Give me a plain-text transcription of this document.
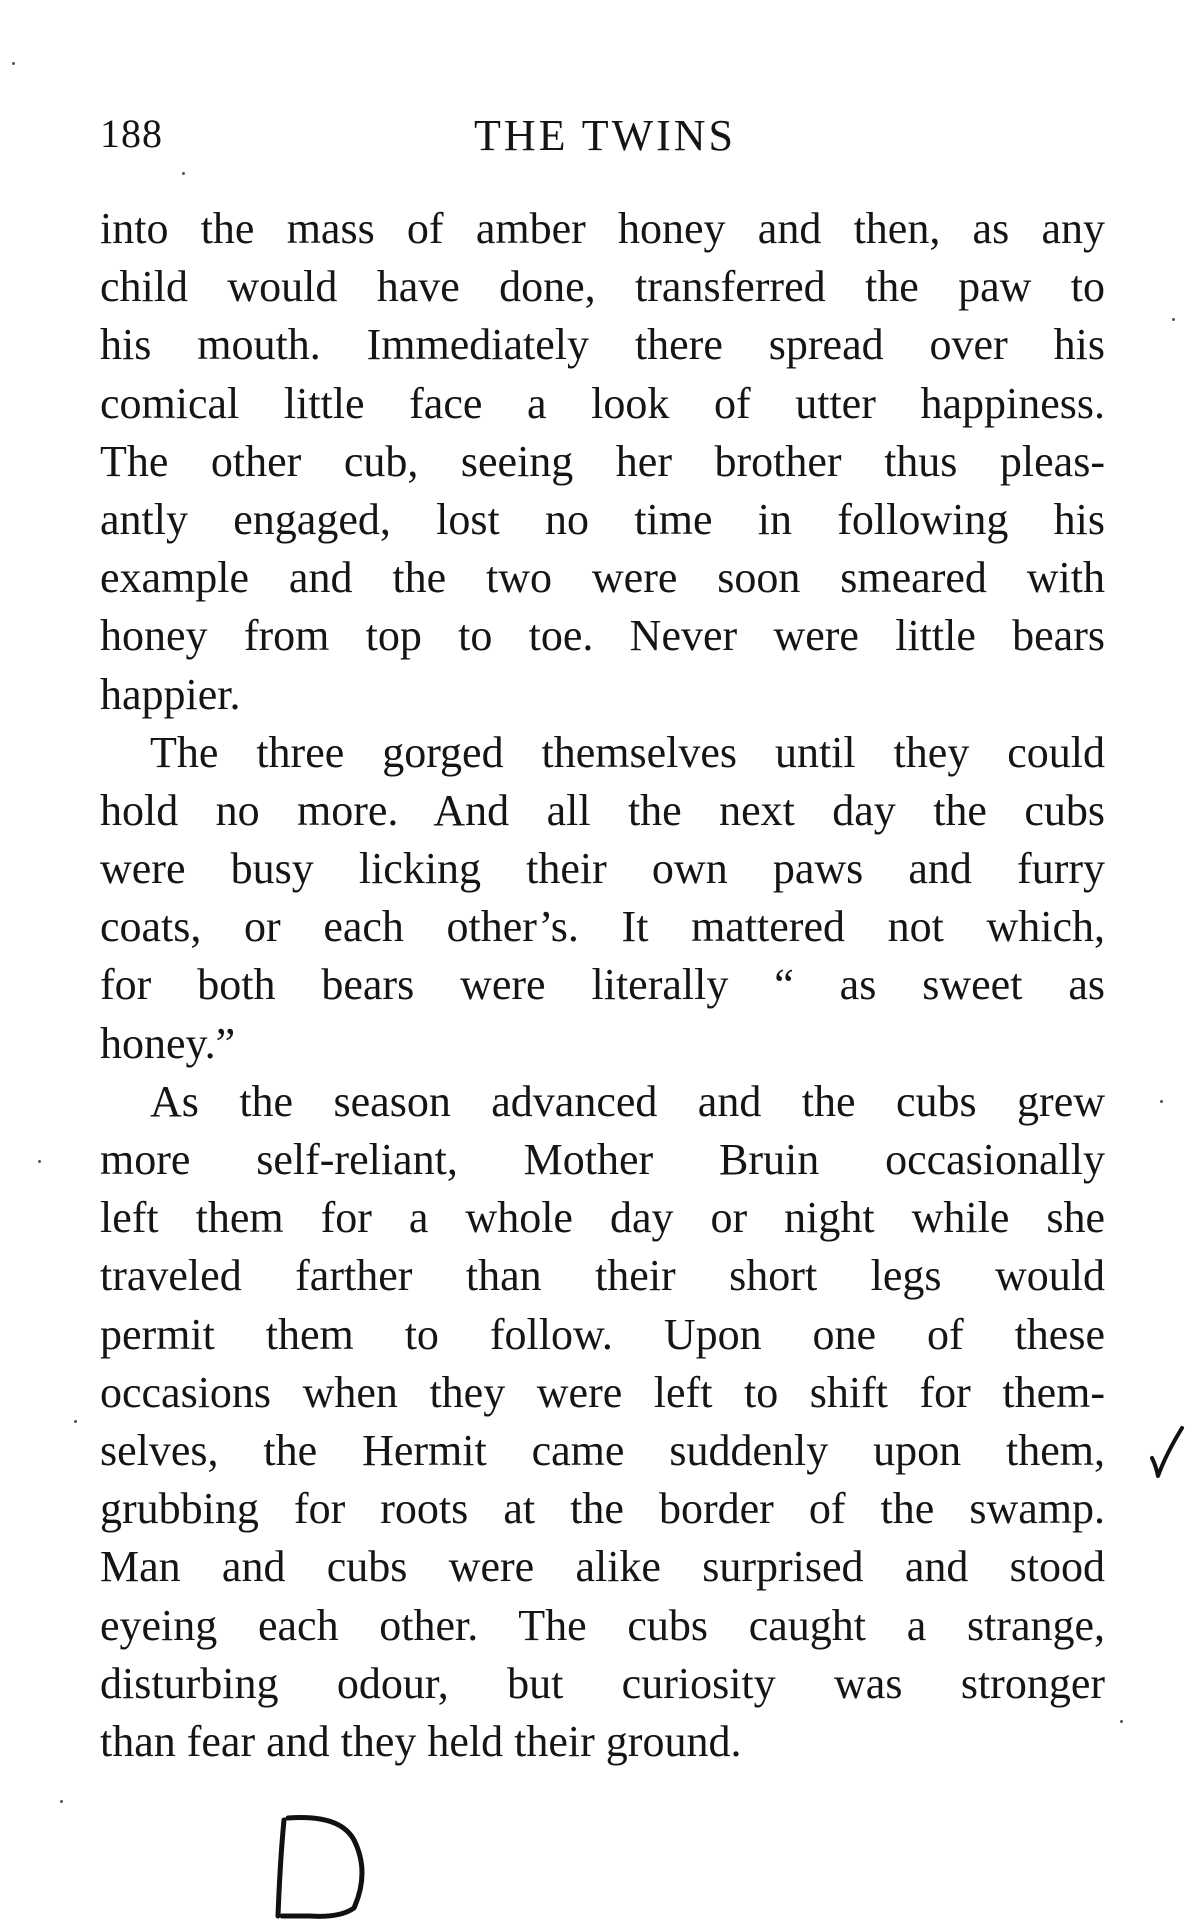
188	THE TWINS
into the mass of amber honey and then, as any
child would have done, transferred the paw to
his mouth. Immediately there spread over his
comical little face a look of utter happiness.
The other cub, seeing her brother thus pleas-
antly engaged, lost no time in following his
example and the two were soon smeared with
honey from top to toe. Never were little bears
happier.
The three gorged themselves until they could
hold no more. And all the next day the cubs
were busy licking their own paws and furry
coats, or each other’s. It mattered not which,
for both bears were literally “ as sweet as
honey.”
As the season advanced and the cubs grew
more self-reliant, Mother Bruin occasionally
left them for a whole day or night while she
traveled farther than their short legs would
permit them to follow. Upon one of these
occasions when they were left to shift for them-
selves, the Hermit came suddenly upon them,
grubbing for roots at the border of the swamp.
Man and cubs were alike surprised and stood
eyeing each other. The cubs caught a strange,
disturbing odour, but curiosity was stronger
than fear and they held their ground.
